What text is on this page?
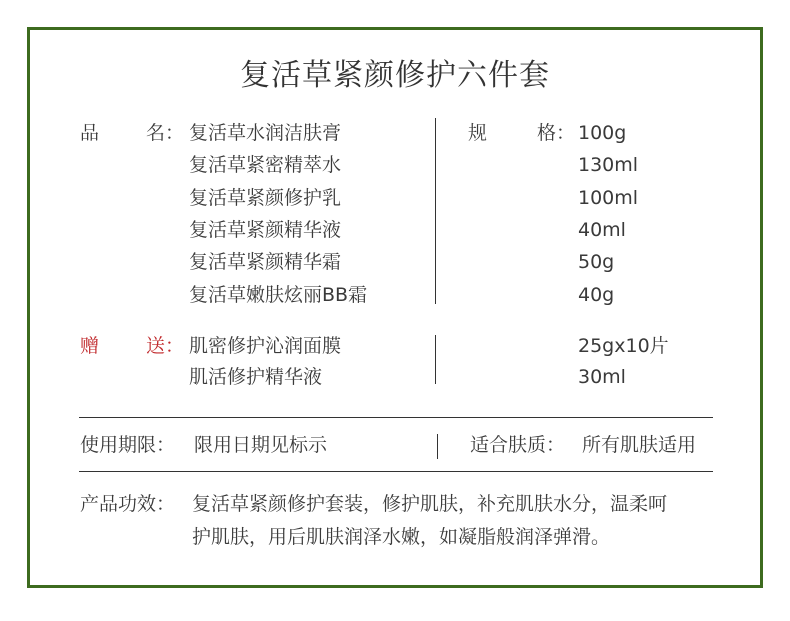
复活草紧颜修护六件套
品 名： 复活草水润洁肤膏
复活草紧密精萃水
复活草紧颜修护乳
复活草紧颜精华液
复活草紧颜精华霜
复活草嫩肤炫丽BB霜
规	格： 100g
130ml
100ml
40ml
50g
40g
赠 送： 肌密修护沁润面膜
肌活修护精华液
25gx10片
30ml
使用期限： 限用日期见标示	适合肤质： 所有肌肤适用
产品功效： 复活草紧颜修护套装，修护肌肤，补充肌肤水分，温柔呵
护肌肤，用后肌肤润泽水嫩，如凝脂般润泽弹滑。
